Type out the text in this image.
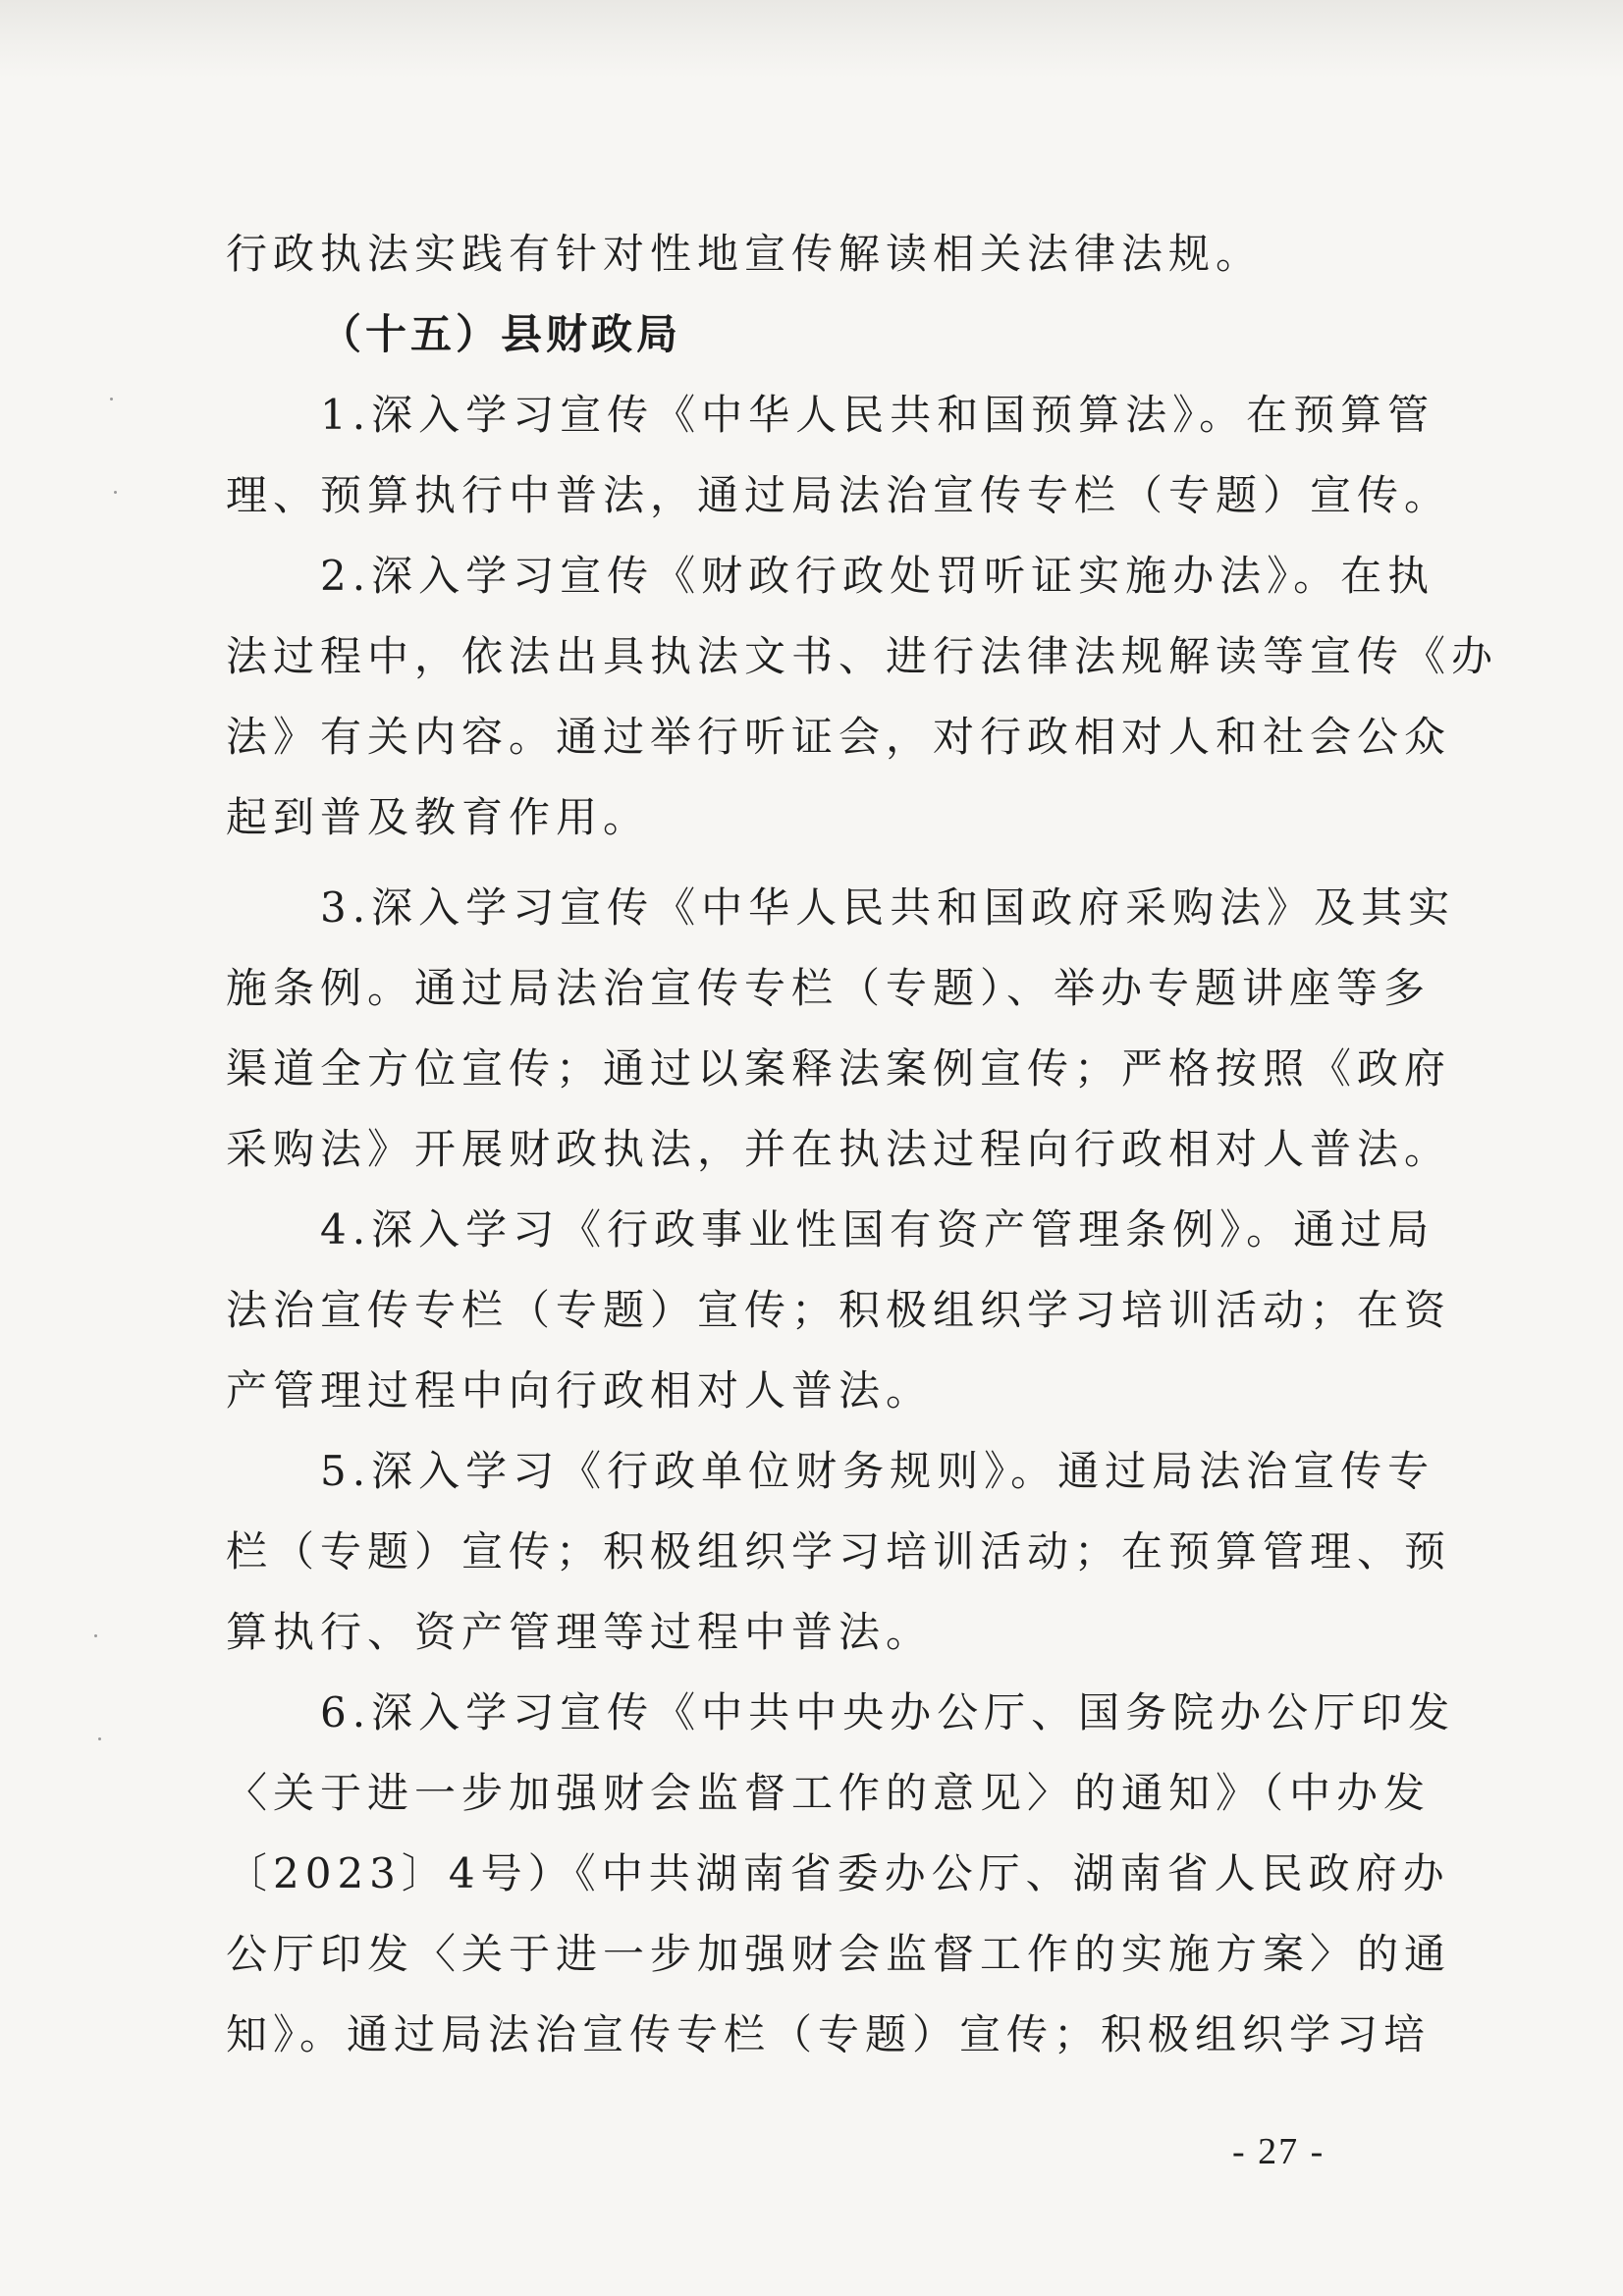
行政执法实践有针对性地宣传解读相关法律法规。

（十五）县财政局

1.深入学习宣传《中华人民共和国预算法》。在预算管

理、预算执行中普法，通过局法治宣传专栏（专题）宣传。

2.深入学习宣传《财政行政处罚听证实施办法》。在执

法过程中，依法出具执法文书、进行法律法规解读等宣传《办

法》有关内容。通过举行听证会，对行政相对人和社会公众

起到普及教育作用。

3.深入学习宣传《中华人民共和国政府采购法》及其实

施条例。通过局法治宣传专栏（专题）、举办专题讲座等多

渠道全方位宣传；通过以案释法案例宣传；严格按照《政府

采购法》开展财政执法，并在执法过程向行政相对人普法。

4.深入学习《行政事业性国有资产管理条例》。通过局

法治宣传专栏（专题）宣传；积极组织学习培训活动；在资

产管理过程中向行政相对人普法。

5.深入学习《行政单位财务规则》。通过局法治宣传专

栏（专题）宣传；积极组织学习培训活动；在预算管理、预

算执行、资产管理等过程中普法。

6.深入学习宣传《中共中央办公厅、国务院办公厅印发

〈关于进一步加强财会监督工作的意见〉的通知》（中办发

〔2023〕4号）《中共湖南省委办公厅、湖南省人民政府办

公厅印发〈关于进一步加强财会监督工作的实施方案〉的通

知》。通过局法治宣传专栏（专题）宣传；积极组织学习培

- 27 -
